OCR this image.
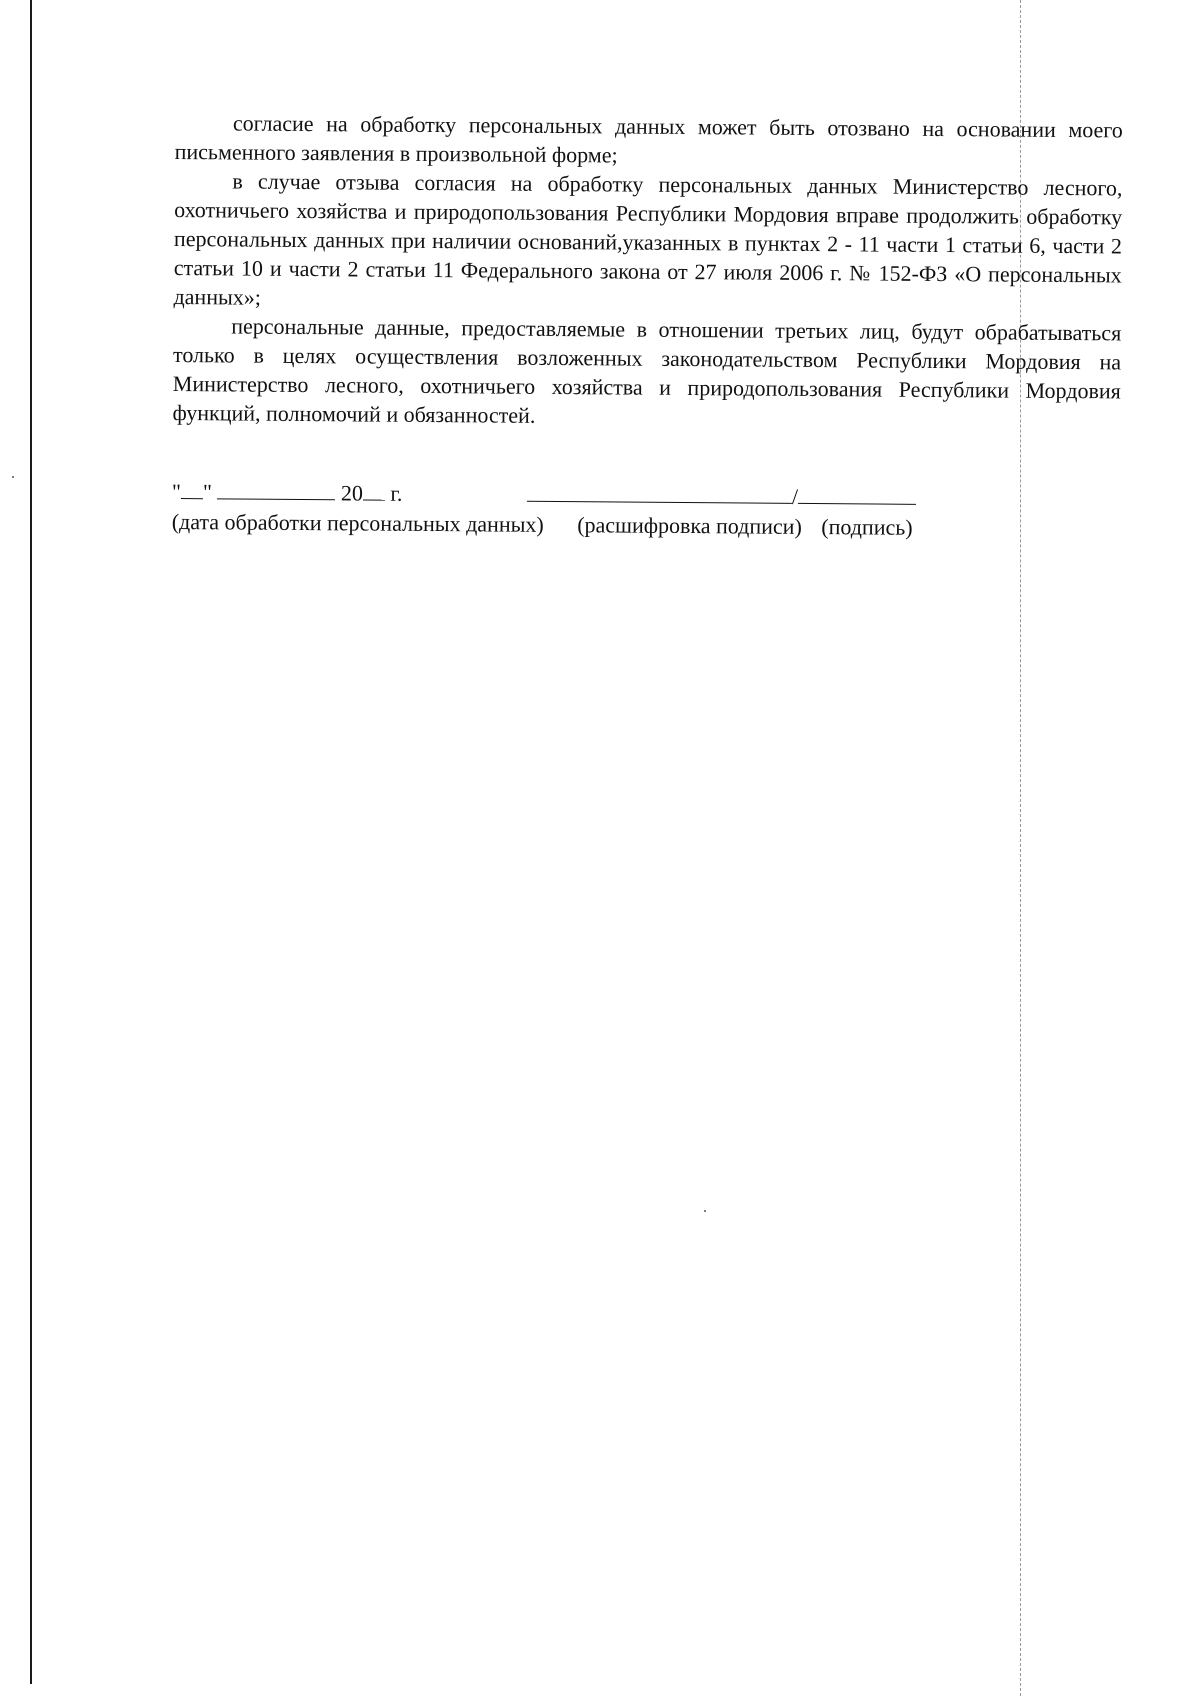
согласие на обработку персональных данных может быть отозвано на основании моего письменного заявления в произвольной форме;

в случае отзыва согласия на обработку персональных данных Министерство лесного, охотничьего хозяйства и природопользования Республики Мордовия вправе продолжить обработку персональных данных при наличии оснований,указанных в пунктах 2 - 11 части 1 статьи 6, части 2 статьи 10 и части 2 статьи 11 Федерального закона от 27 июля 2006 г. № 152-ФЗ «О персональных данных»;

персональные данные, предоставляемые в отношении третьих лиц, будут обрабатываться только в целях осуществления возложенных законодательством Республики Мордовия на Министерство лесного, охотничьего хозяйства и природопользования Республики Мордовия функций, полномочий и обязанностей.

" "	20 г.	/
(дата обработки персональных данных) (расшифровка подписи) (подпись)
